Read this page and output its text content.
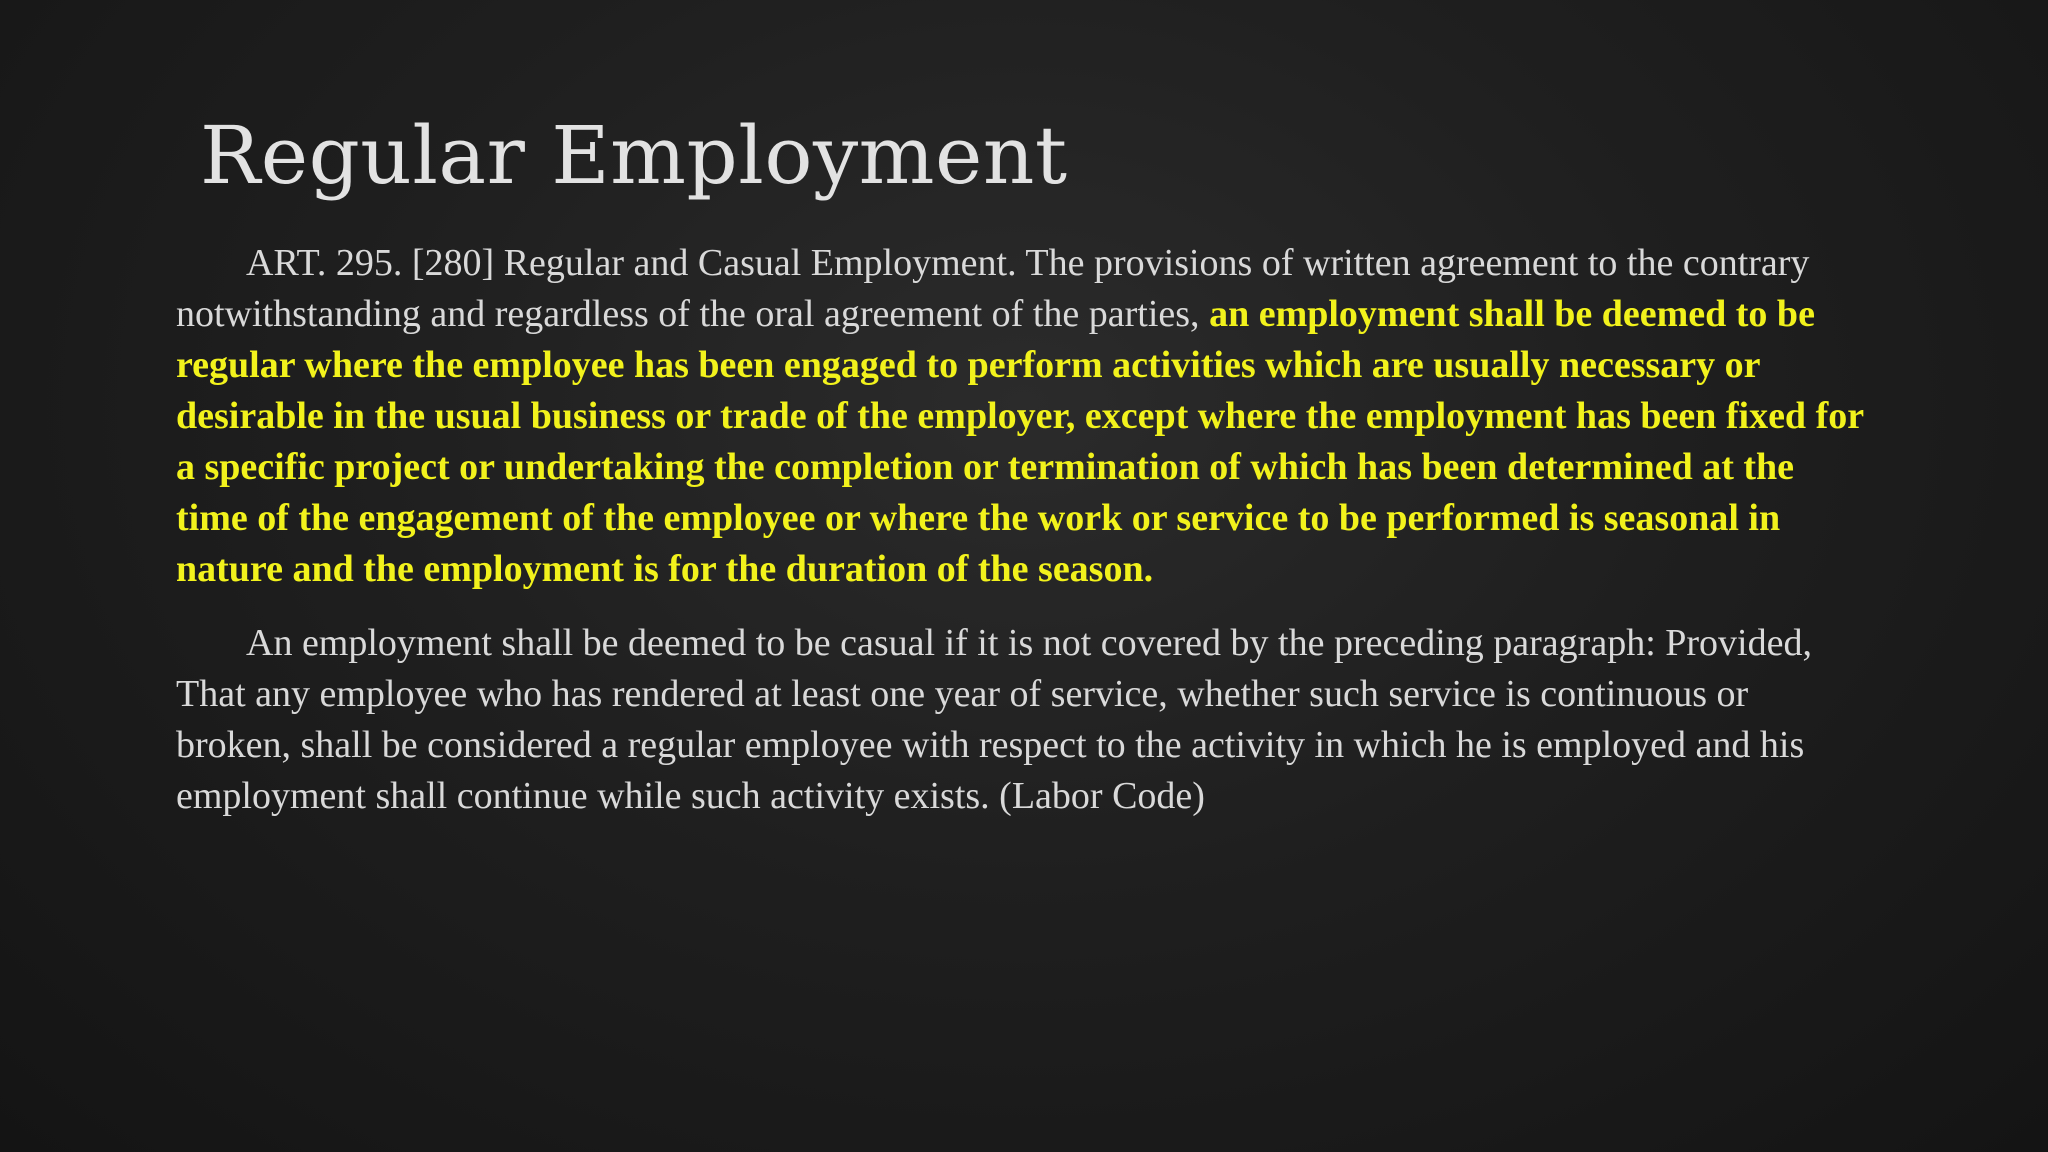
Regular Employment

ART. 295. [280] Regular and Casual Employment. The provisions of written agreement to the contrary notwithstanding and regardless of the oral agreement of the parties, an employment shall be deemed to be regular where the employee has been engaged to perform activities which are usually necessary or desirable in the usual business or trade of the employer, except where the employment has been fixed for a specific project or undertaking the completion or termination of which has been determined at the time of the engagement of the employee or where the work or service to be performed is seasonal in nature and the employment is for the duration of the season.

An employment shall be deemed to be casual if it is not covered by the preceding paragraph: Provided, That any employee who has rendered at least one year of service, whether such service is continuous or broken, shall be considered a regular employee with respect to the activity in which he is employed and his employment shall continue while such activity exists. (Labor Code)
